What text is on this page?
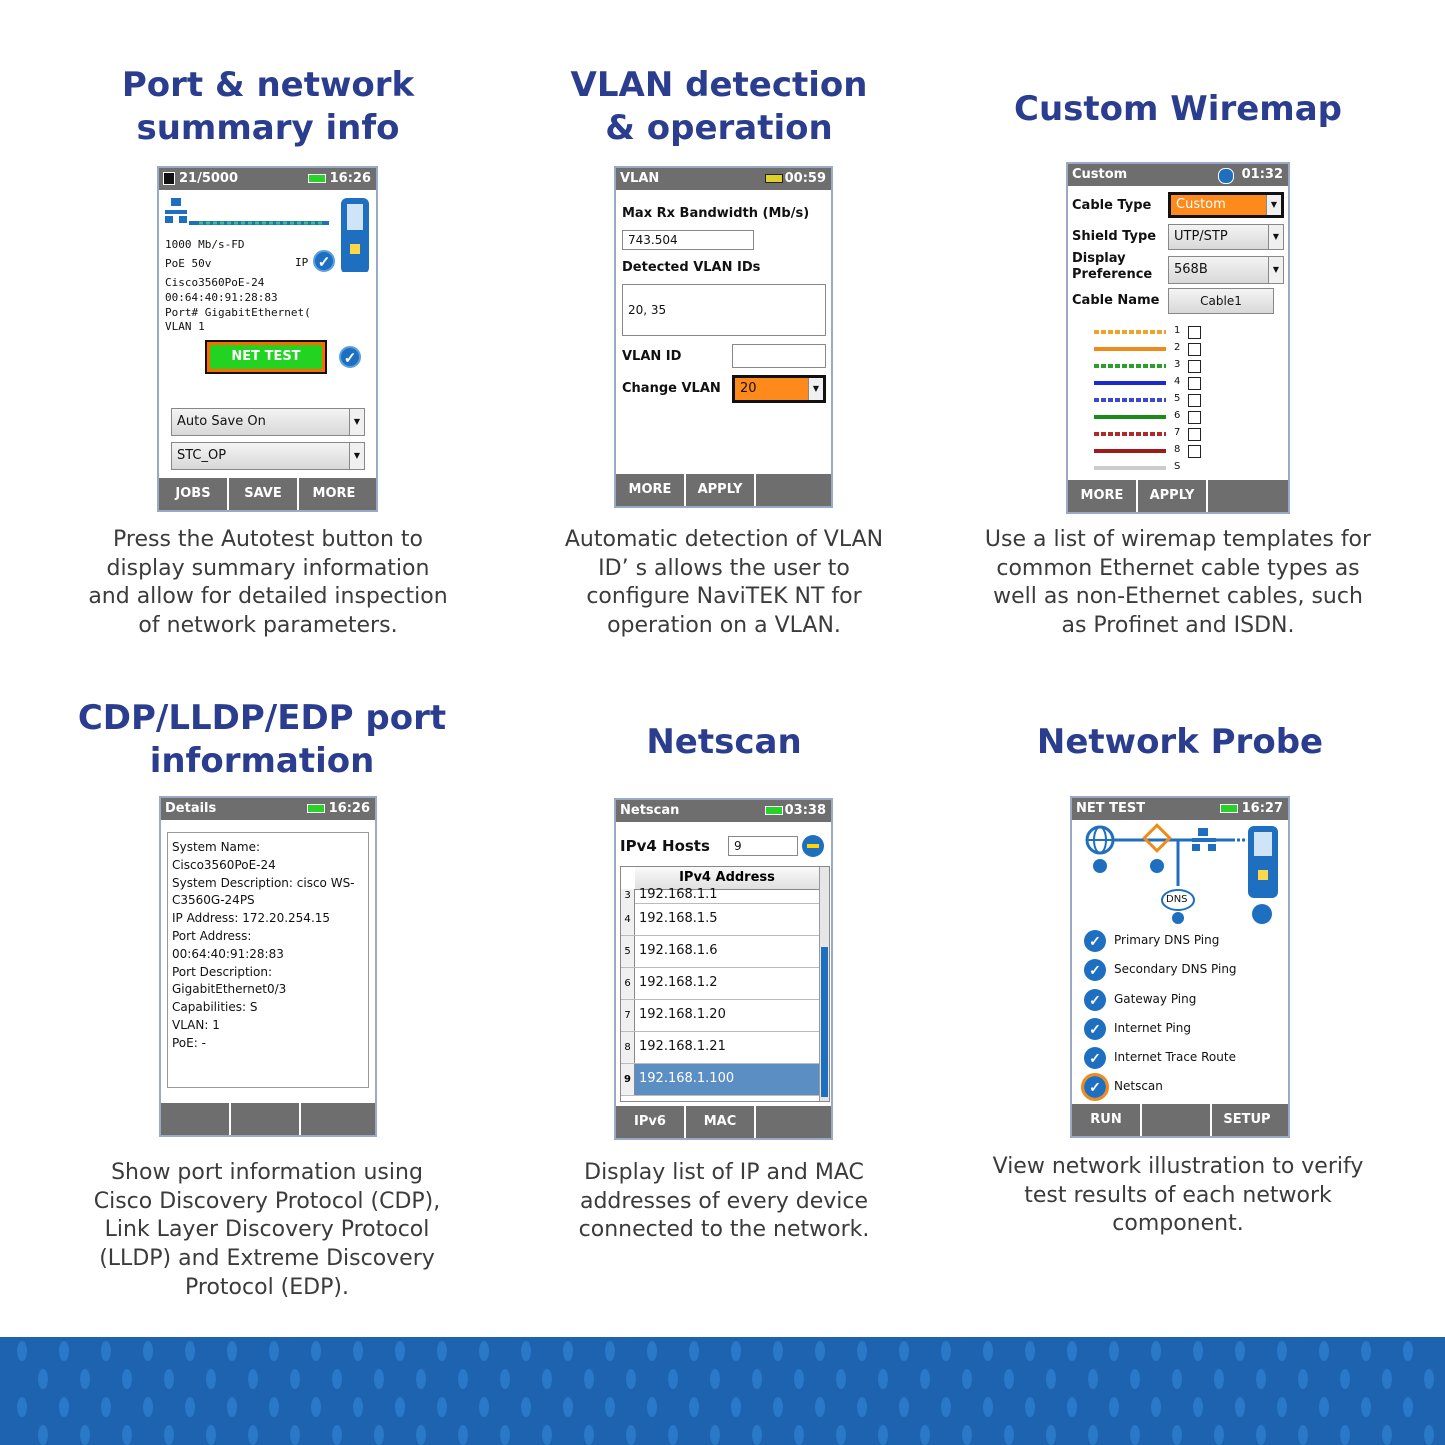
Port & network
summary info
21/5000	16:26
1000 Mb/s-FD
PoE 50v
Cisco3560PoE-24
00:64:40:91:28:83
Port# GigabitEthernet(
VLAN 1
IP ✓
NET TEST	✓
Auto Save On	▼
STC_OP	▼
JOBS	SAVE	MORE
Press the Autotest button to
display summary information
and allow for detailed inspection
of network parameters.
VLAN detection
& operation
VLAN	00:59
Max Rx Bandwidth (Mb/s)
743.504
Detected VLAN IDs
20, 35
VLAN ID
Change VLAN	20	▼
MORE	APPLY
Automatic detection of VLAN
ID’ s allows the user to
configure NaviTEK NT for
operation on a VLAN.
Custom Wiremap
Custom	01:32
Cable Type	Custom	▼
Shield Type	UTP/STP	▼
Display
Preference	568B	▼
Cable Name	Cable1
1
2
3
4
5
6
7
8
S
MORE	APPLY
Use a list of wiremap templates for
common Ethernet cable types as
well as non-Ethernet cables, such
as Profinet and ISDN.
CDP/LLDP/EDP port
information
Details	16:26
System Name:
Cisco3560PoE-24
System Description: cisco WS-
C3560G-24PS
IP Address: 172.20.254.15
Port Address:
00:64:40:91:28:83
Port Description:
GigabitEthernet0/3
Capabilities: S
VLAN: 1
PoE: -
Show port information using
Cisco Discovery Protocol (CDP),
Link Layer Discovery Protocol
(LLDP) and Extreme Discovery
Protocol (EDP).
Netscan
Netscan	03:38
IPv4 Hosts	9
IPv4 Address
3 192.168.1.1
4 192.168.1.5
5 192.168.1.6
6 192.168.1.2
7 192.168.1.20
8 192.168.1.21
9 192.168.1.100
IPv6	MAC
Display list of IP and MAC
addresses of every device
connected to the network.
Network Probe
NET TEST	16:27
DNS
✓	Primary DNS Ping
✓	Secondary DNS Ping
✓	Gateway Ping
✓	Internet Ping
✓	Internet Trace Route
✓	Netscan
RUN	SETUP
View network illustration to verify
test results of each network
component.
